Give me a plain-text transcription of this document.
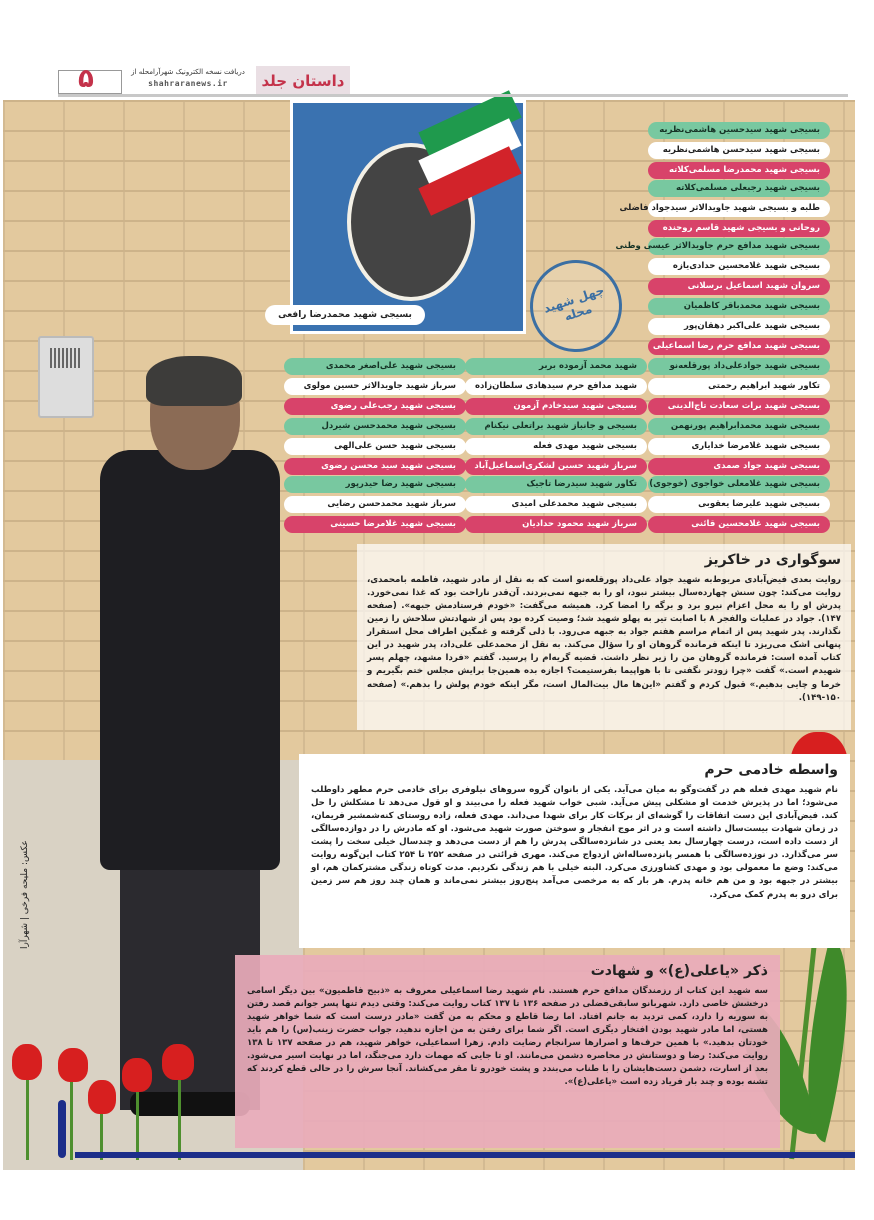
بسیجی شهید محمدرضا رافعی	چهل شهید محله
عکس: ملیحه فرخی | شهرآرا
۵	دریافت نسخه الکترونیک شهرآرامحله از
shahraranews.ir	داستان جلد
بسیجی شهید سیدحسین هاشمی‌نظریه
بسیجی شهید سیدحسن هاشمی‌نظریه
بسیجی شهید محمدرضا مسلمی‌کلاته
بسیجی شهید رجبعلی مسلمی‌کلاته
طلبه و بسیجی شهید جاویدالاثر سیدجواد فاضلی
روحانی و بسیجی شهید قاسم روحنده
بسیجی شهید مدافع حرم جاویدالاثر عیسی وطنی
بسیجی شهید غلامحسین حدادی‌یازه
سروان شهید اسماعیل برسلانی
بسیجی شهید محمدباقر کاظمیان
بسیجی شهید علی‌اکبر دهقان‌پور
بسیجی شهید مدافع حرم رضا اسماعیلی
بسیجی شهید جوادعلی‌داد پورقلعه‌نو
تکاور شهید ابراهیم رحمتی
بسیجی شهید برات سعادت تاج‌الدینی
بسیجی شهید محمدابراهیم پورنهمن
بسیجی شهید غلامرضا خدایاری
بسیجی شهید جواد صمدی
بسیجی شهید غلامعلی خواجوی (خوجوی)
بسیجی شهید علیرضا یعقوبی
بسیجی شهید غلامحسین قائنی
شهید محمد آزموده بربر
شهید مدافع حرم سیدهادی سلطان‌زاده
بسیجی شهید سیدخادم آزمون
بسیجی و جانباز شهید براتعلی نیکنام
بسیجی شهید مهدی فعله
سرباز شهید حسین لشکری‌اسماعیل‌آباد
تکاور شهید سیدرضا تاجیک
بسیجی شهید محمدعلی امیدی
سرباز شهید محمود حدادیان
بسیجی شهید علی‌اصغر محمدی
سرباز شهید جاویدالاثر حسین مولوی
بسیجی شهید رجب‌علی رضوی
بسیجی شهید محمدحسن شیردل
بسیجی شهید حسن علی‌الهی
بسیجی شهید سید محسن رضوی
بسیجی شهید رضا حیدرپور
سرباز شهید محمدحسن رضایی
بسیجی شهید غلامرضا حسینی
سوگواری در خاکریز

روایت بعدی فیض‌آبادی مربوط‌به شهید جواد علی‌داد پورقلعه‌نو است که به نقل از مادر شهید، فاطمه بامحمدی، روایت می‌کند: چون سنش چهارده‌سال بیشتر نبود، او را به جبهه نمی‌بردند. آن‌قدر ناراحت بود که غذا نمی‌خورد. پدرش او را به محل اعزام نیرو برد و برگه را امضا کرد. همیشه می‌گفت: «خودم فرستادمش جبهه». (صفحه ۱۴۷). جواد در عملیات والفجر ۸ با اصابت تیر به پهلو شهید شد؛ وصیت کرده بود پس از شهادتش سلاحش را زمین نگذارند. پدر شهید پس از اتمام مراسم هفتم جواد به جبهه می‌رود. با دلی گرفته و غمگین اطراف محل استقرار پنهانی اشک می‌ریزد تا اینکه فرمانده گروهان او را سؤال می‌کند. به نقل از محمدعلی علی‌داد، پدر شهید در این کتاب آمده است: فرمانده گروهان من را زیر نظر داشت. قضیه گریه‌ام را پرسید. گفتم «فردا مشهد، چهلم پسر شهیدم است.» گفت «چرا زودتر نگفتی تا با هواپیما بفرستیمت؟ اجازه بده همین‌جا برایش مجلس ختم بگیریم و خرما و چایی بدهیم.» قبول کردم و گفتم «این‌ها مال بیت‌المال است، مگر اینکه خودم پولش را بدهم.» (صفحه ۱۵۰-۱۴۹).

واسطه خادمی حرم

نام شهید مهدی فعله هم در گفت‌وگو به میان می‌آید. یکی از بانوان گروه سروهای نیلوفری برای خادمی حرم مطهر داوطلب می‌شود؛ اما در پذیرش خدمت او مشکلی پیش می‌آید. شبی خواب شهید فعله را می‌بیند و او قول می‌دهد تا مشکلش را حل کند. فیض‌آبادی این دست اتفاقات را گوشه‌ای از برکات کار برای شهدا می‌داند. مهدی فعله، زاده روستای کنه‌شمشیر فریمان، در زمان شهادت بیست‌سال داشته است و در اثر موج انفجار و سوختن صورت شهید می‌شود. او که مادرش را در دوازده‌سالگی از دست داده است، درست چهارسال بعد یعنی در شانزده‌سالگی پدرش را هم از دست می‌دهد و چندسال خیلی سخت را پشت سر می‌گذارد. در نوزده‌سالگی با همسر پانزده‌ساله‌اش ازدواج می‌کند. مهری قرائتی در صفحه ۲۵۲ تا ۲۵۴ کتاب این‌گونه روایت می‌کند: وضع ما معمولی بود و مهدی کشاورزی می‌کرد. البته خیلی با هم زندگی نکردیم. مدت کوتاه زندگی مشترکمان هم، او بیشتر در جبهه بود و من هم خانه پدرم. هر بار که به مرخصی می‌آمد پنج‌روز بیشتر نمی‌ماند و همان چند روز هم سر زمین برای درو به پدرم کمک می‌کرد.

ذکر «یاعلی(ع)» و شهادت

سه شهید این کتاب از رزمندگان مدافع حرم هستند. نام شهید رضا اسماعیلی معروف به «ذبیح فاطمیون» بین دیگر اسامی درخشش خاصی دارد. شهربانو سابقی‌فضلی در صفحه ۱۳۶ تا ۱۳۷ کتاب روایت می‌کند: وقتی دیدم تنها پسر جوانم قصد رفتن به سوریه را دارد، کمی تردید به جانم افتاد. اما رضا قاطع و محکم به من گفت «مادر درست است که شما خواهر شهید هستی، اما مادر شهید بودن افتخار دیگری است. اگر شما برای رفتن به من اجازه ندهید، جواب حضرت زینب(س) را هم باید خودتان بدهید.» با همین حرف‌ها و اصرارها سرانجام رضایت دادم. زهرا اسماعیلی، خواهر شهید، هم در صفحه ۱۳۷ تا ۱۳۸ روایت می‌کند: رضا و دوستانش در محاصره دشمن می‌مانند. او تا جایی که مهمات دارد می‌جنگد، اما در نهایت اسیر می‌شود. بعد از اسارت، دشمن دست‌هایشان را با طناب می‌بندد و پشت خودرو تا مقر می‌کشاند. آنجا سرش را در حالی قطع کردند که تشنه بوده و چند بار فریاد زده است «یاعلی(ع)».
